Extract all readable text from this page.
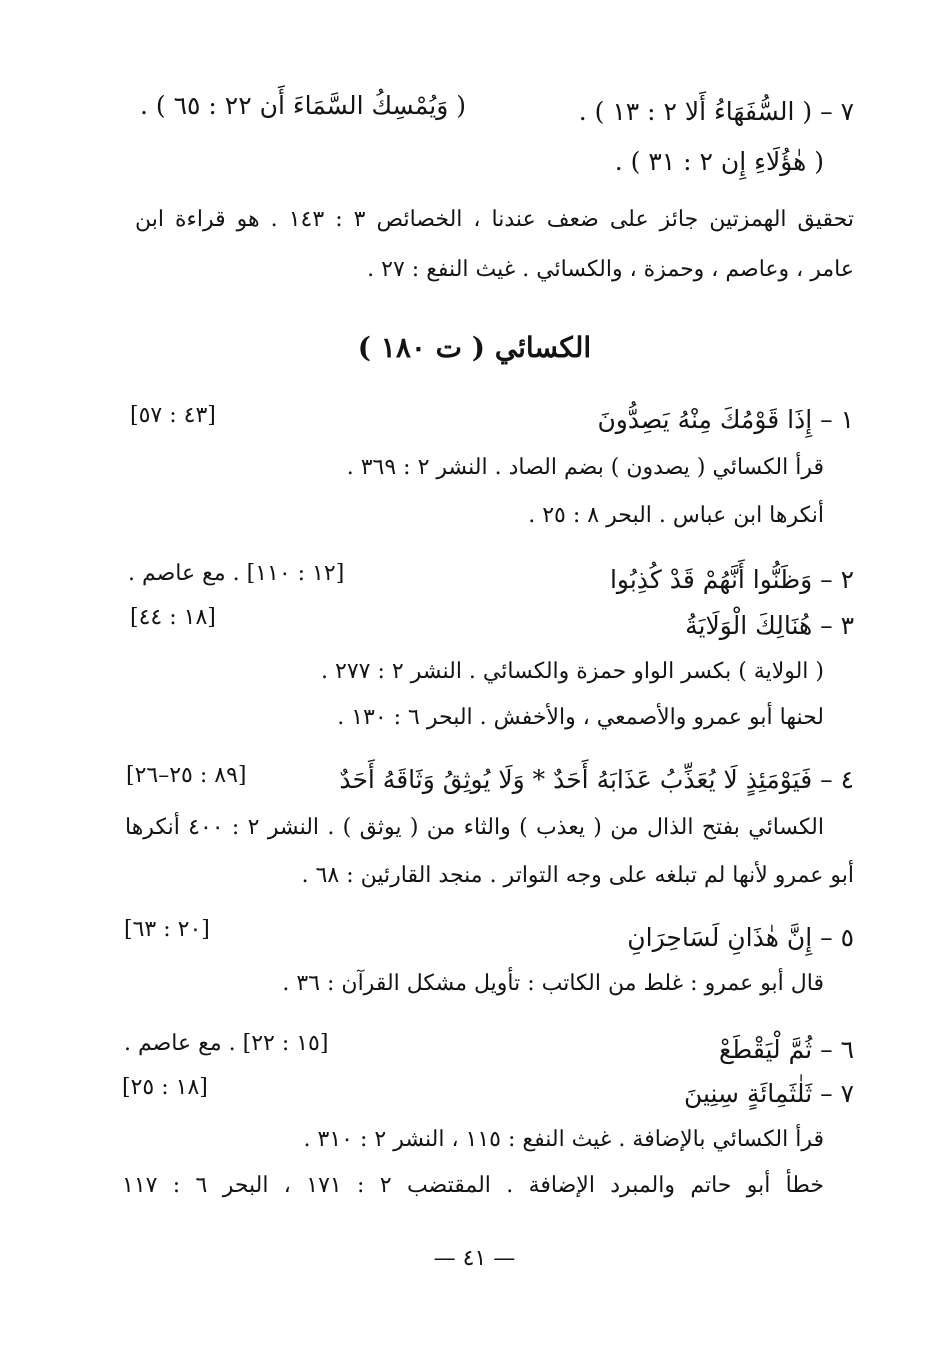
٧ – ( السُّفَهَاءُ أَلا ٢ : ١٣ ) .
( وَيُمْسِكُ السَّمَاءَ أَن ٢٢ : ٦٥ ) .
( هٰؤُلَاءِ إِن ٢ : ٣١ ) .
تحقيق الهمزتين جائز على ضعف عندنا ، الخصائص ٣ : ١٤٣ . هو قراءة ابن
عامر ، وعاصم ، وحمزة ، والكسائي . غيث النفع : ٢٧ .
الكسائي ( ت ١٨٠ )
١ – إِذَا قَوْمُكَ مِنْهُ يَصِدُّونَ
[٤٣ : ٥٧]
قرأ الكسائي ( يصدون ) بضم الصاد . النشر ٢ : ٣٦٩ .
أنكرها ابن عباس . البحر ٨ : ٢٥ .
٢ – وَظَنُّوا أَنَّهُمْ قَدْ كُذِبُوا
[١٢ : ١١٠] . مع عاصم .
٣ – هُنَالِكَ الْوَلَايَةُ
[١٨ : ٤٤]
( الولاية ) بكسر الواو حمزة والكسائي . النشر ٢ : ٢٧٧ .
لحنها أبو عمرو والأصمعي ، والأخفش . البحر ٦ : ١٣٠ .
٤ – فَيَوْمَئِذٍ لَا يُعَذِّبُ عَذَابَهُ أَحَدٌ * وَلَا يُوثِقُ وَثَاقَهُ أَحَدٌ
[٨٩ : ٢٥–٢٦]
الكسائي بفتح الذال من ( يعذب ) والثاء من ( يوثق ) . النشر ٢ : ٤٠٠ أنكرها
أبو عمرو لأنها لم تبلغه على وجه التواتر . منجد القارئين : ٦٨ .
٥ – إِنَّ هٰذَانِ لَسَاحِرَانِ
[٢٠ : ٦٣]
قال أبو عمرو : غلط من الكاتب : تأويل مشكل القرآن : ٣٦ .
٦ – ثُمَّ لْيَقْطَعْ
[١٥ : ٢٢] . مع عاصم .
٧ – ثَلٰثَمِائَةٍ سِنِينَ
[١٨ : ٢٥]
قرأ الكسائي بالإضافة . غيث النفع : ١١٥ ، النشر ٢ : ٣١٠ .
خطأ أبو حاتم والمبرد الإضافة . المقتضب ٢ : ١٧١ ، البحر ٦ : ١١٧
— ٤١ —
